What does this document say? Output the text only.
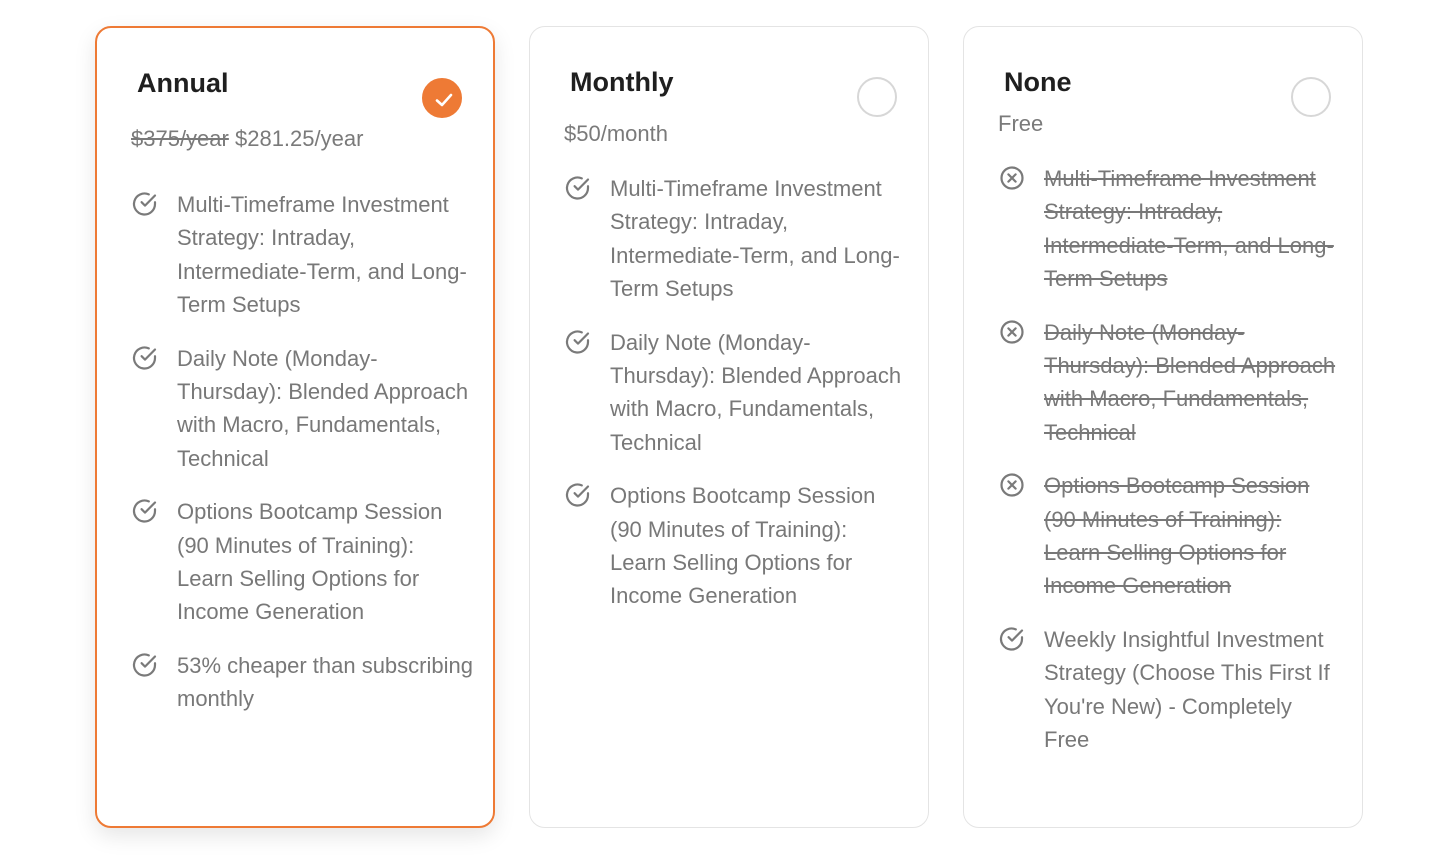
Annual
$375/year $281.25/year
Multi-Timeframe Investment Strategy: Intraday, Intermediate-Term, and Long-Term Setups
Daily Note (Monday-Thursday): Blended Approach with Macro, Fundamentals, Technical
Options Bootcamp Session (90 Minutes of Training): Learn Selling Options for Income Generation
53% cheaper than subscribing monthly
Monthly
$50/month
Multi-Timeframe Investment Strategy: Intraday, Intermediate-Term, and Long-Term Setups
Daily Note (Monday-Thursday): Blended Approach with Macro, Fundamentals, Technical
Options Bootcamp Session (90 Minutes of Training): Learn Selling Options for Income Generation
None
Free
Multi-Timeframe Investment Strategy: Intraday, Intermediate-Term, and Long-Term Setups
Daily Note (Monday-Thursday): Blended Approach with Macro, Fundamentals, Technical
Options Bootcamp Session (90 Minutes of Training): Learn Selling Options for Income Generation
Weekly Insightful Investment Strategy (Choose This First If You're New) - Completely Free
